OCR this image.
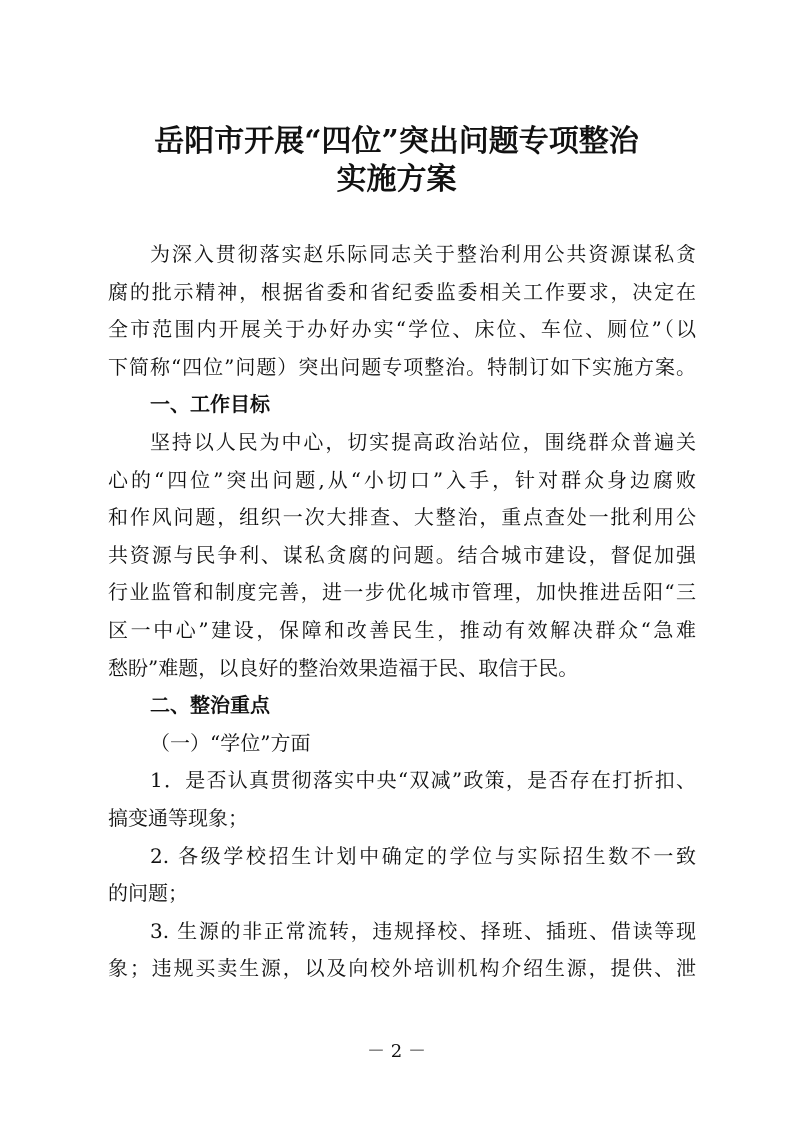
岳阳市开展“四位”突出问题专项整治
实施方案
为深入贯彻落实赵乐际同志关于整治利用公共资源谋私贪
腐的批示精神，根据省委和省纪委监委相关工作要求，决定在
全市范围内开展关于办好办实“学位、床位、车位、厕位”（以
下简称“四位”问题）突出问题专项整治。特制订如下实施方案。
一、工作目标
坚持以人民为中心，切实提高政治站位，围绕群众普遍关
心的“四位”突出问题,从“小切口”入手，针对群众身边腐败
和作风问题，组织一次大排查、大整治，重点查处一批利用公
共资源与民争利、谋私贪腐的问题。结合城市建设，督促加强
行业监管和制度完善，进一步优化城市管理，加快推进岳阳“三
区一中心”建设，保障和改善民生，推动有效解决群众“急难
愁盼”难题，以良好的整治效果造福于民、取信于民。
二、整治重点
（一）“学位”方面
1．是否认真贯彻落实中央“双减”政策，是否存在打折扣、
搞变通等现象；
2. 各级学校招生计划中确定的学位与实际招生数不一致
的问题；
3. 生源的非正常流转，违规择校、择班、插班、借读等现
象；违规买卖生源，以及向校外培训机构介绍生源，提供、泄
－ 2 －
